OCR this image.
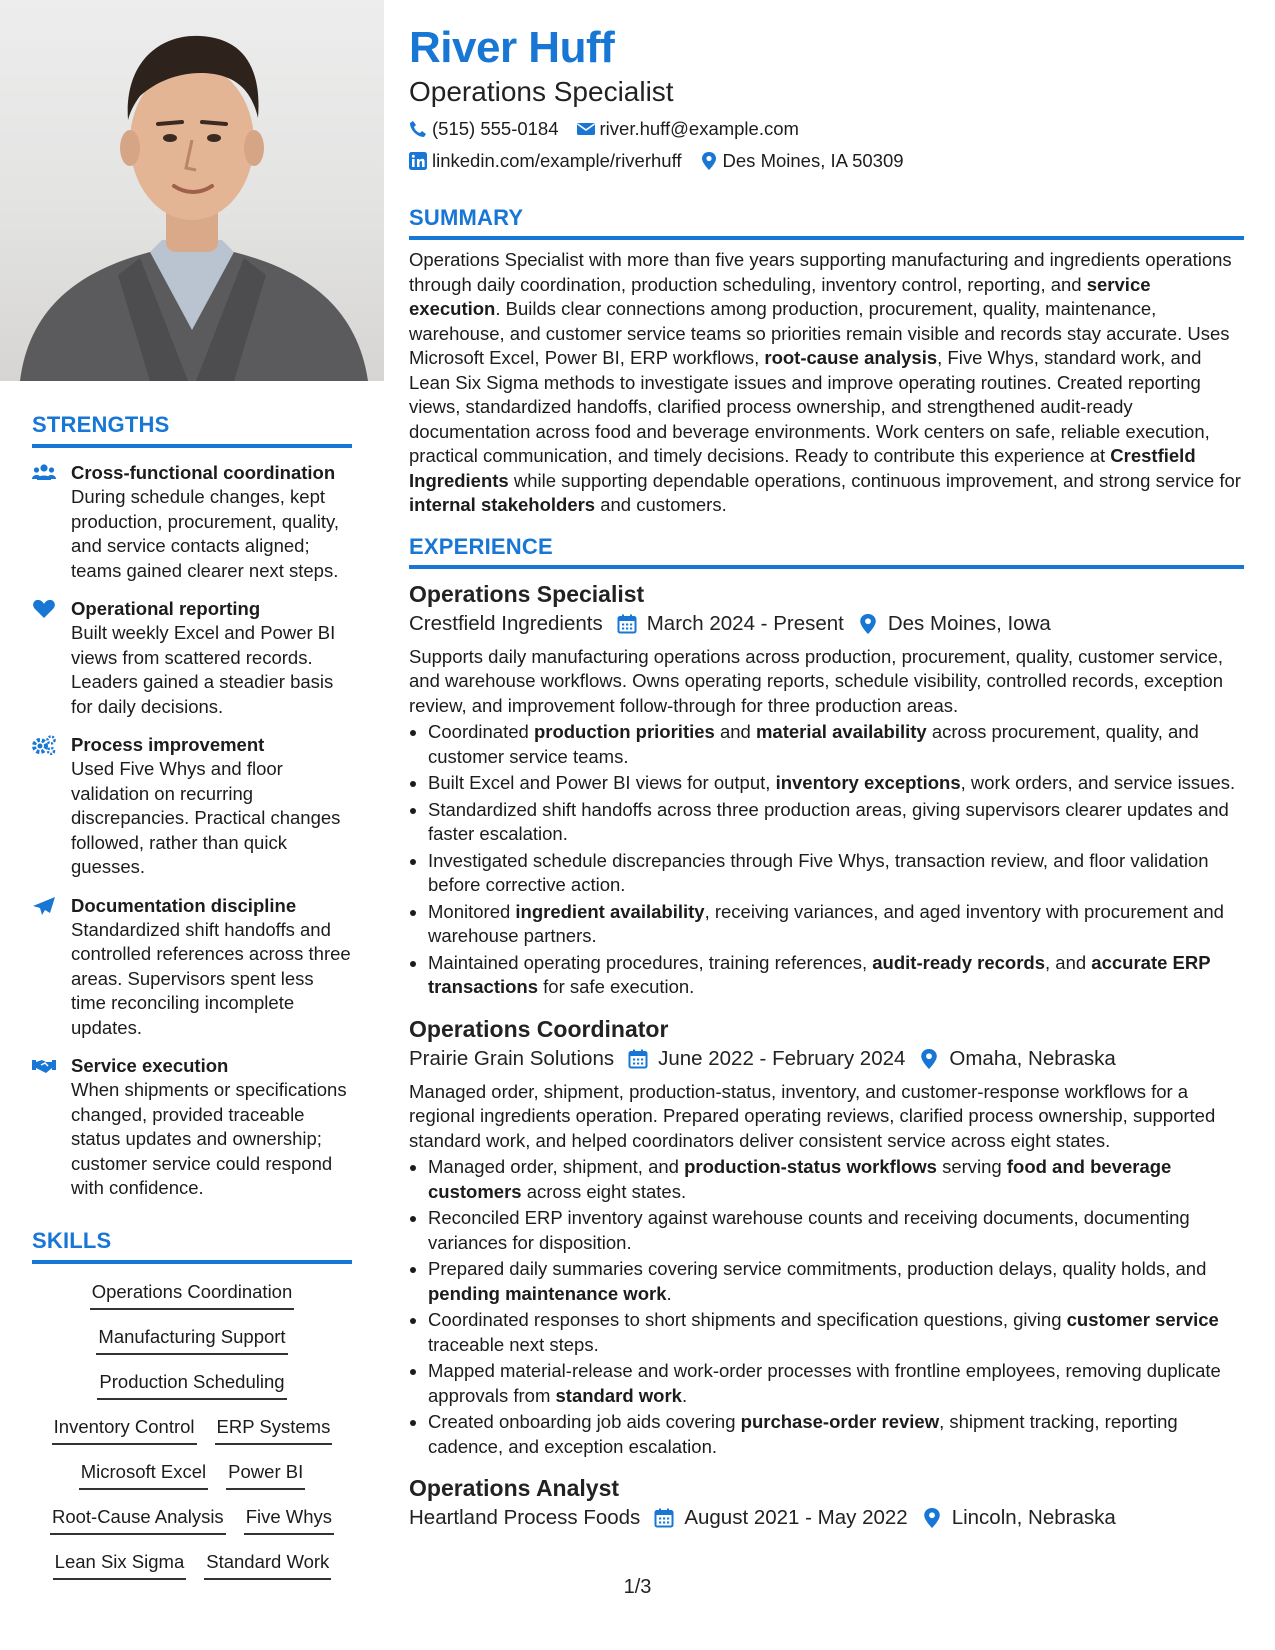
STRENGTHS
Cross-functional coordination
During schedule changes, kept production, procurement, quality, and service contacts aligned; teams gained clearer next steps.
Operational reporting
Built weekly Excel and Power BI views from scattered records. Leaders gained a steadier basis for daily decisions.
Process improvement
Used Five Whys and floor validation on recurring discrepancies. Practical changes followed, rather than quick guesses.
Documentation discipline
Standardized shift handoffs and controlled references across three areas. Supervisors spent less time reconciling incomplete updates.
Service execution
When shipments or specifications changed, provided traceable status updates and ownership; customer service could respond with confidence.
SKILLS
Operations Coordination
Manufacturing Support
Production Scheduling
Inventory Control ERP Systems
Microsoft Excel Power BI
Root-Cause Analysis Five Whys
Lean Six Sigma Standard Work
River Huff
Operations Specialist
(515) 555-0184 river.huff@example.com
linkedin.com/example/riverhuff Des Moines, IA 50309
SUMMARY

Operations Specialist with more than five years supporting manufacturing and ingredients operations through daily coordination, production scheduling, inventory control, reporting, and service execution. Builds clear connections among production, procurement, quality, maintenance, warehouse, and customer service teams so priorities remain visible and records stay accurate. Uses Microsoft Excel, Power BI, ERP workflows, root-cause analysis, Five Whys, standard work, and Lean Six Sigma methods to investigate issues and improve operating routines. Created reporting views, standardized handoffs, clarified process ownership, and strengthened audit-ready documentation across food and beverage environments. Work centers on safe, reliable execution, practical communication, and timely decisions. Ready to contribute this experience at Crestfield Ingredients while supporting dependable operations, continuous improvement, and strong service for internal stakeholders and customers.

EXPERIENCE
Operations Specialist
Crestfield Ingredients March 2024 - Present Des Moines, Iowa
Supports daily manufacturing operations across production, procurement, quality, customer service, and warehouse workflows. Owns operating reports, schedule visibility, controlled records, exception review, and improvement follow-through for three production areas.
• Coordinated production priorities and material availability across procurement, quality, and customer service teams.
• Built Excel and Power BI views for output, inventory exceptions, work orders, and service issues.
• Standardized shift handoffs across three production areas, giving supervisors clearer updates and faster escalation.
• Investigated schedule discrepancies through Five Whys, transaction review, and floor validation before corrective action.
• Monitored ingredient availability, receiving variances, and aged inventory with procurement and warehouse partners.
• Maintained operating procedures, training references, audit-ready records, and accurate ERP transactions for safe execution.
Operations Coordinator
Prairie Grain Solutions June 2022 - February 2024 Omaha, Nebraska
Managed order, shipment, production-status, inventory, and customer-response workflows for a regional ingredients operation. Prepared operating reviews, clarified process ownership, supported standard work, and helped coordinators deliver consistent service across eight states.
• Managed order, shipment, and production-status workflows serving food and beverage customers across eight states.
• Reconciled ERP inventory against warehouse counts and receiving documents, documenting variances for disposition.
• Prepared daily summaries covering service commitments, production delays, quality holds, and pending maintenance work.
• Coordinated responses to short shipments and specification questions, giving customer service traceable next steps.
• Mapped material-release and work-order processes with frontline employees, removing duplicate approvals from standard work.
• Created onboarding job aids covering purchase-order review, shipment tracking, reporting cadence, and exception escalation.
Operations Analyst
Heartland Process Foods August 2021 - May 2022 Lincoln, Nebraska
1/3
